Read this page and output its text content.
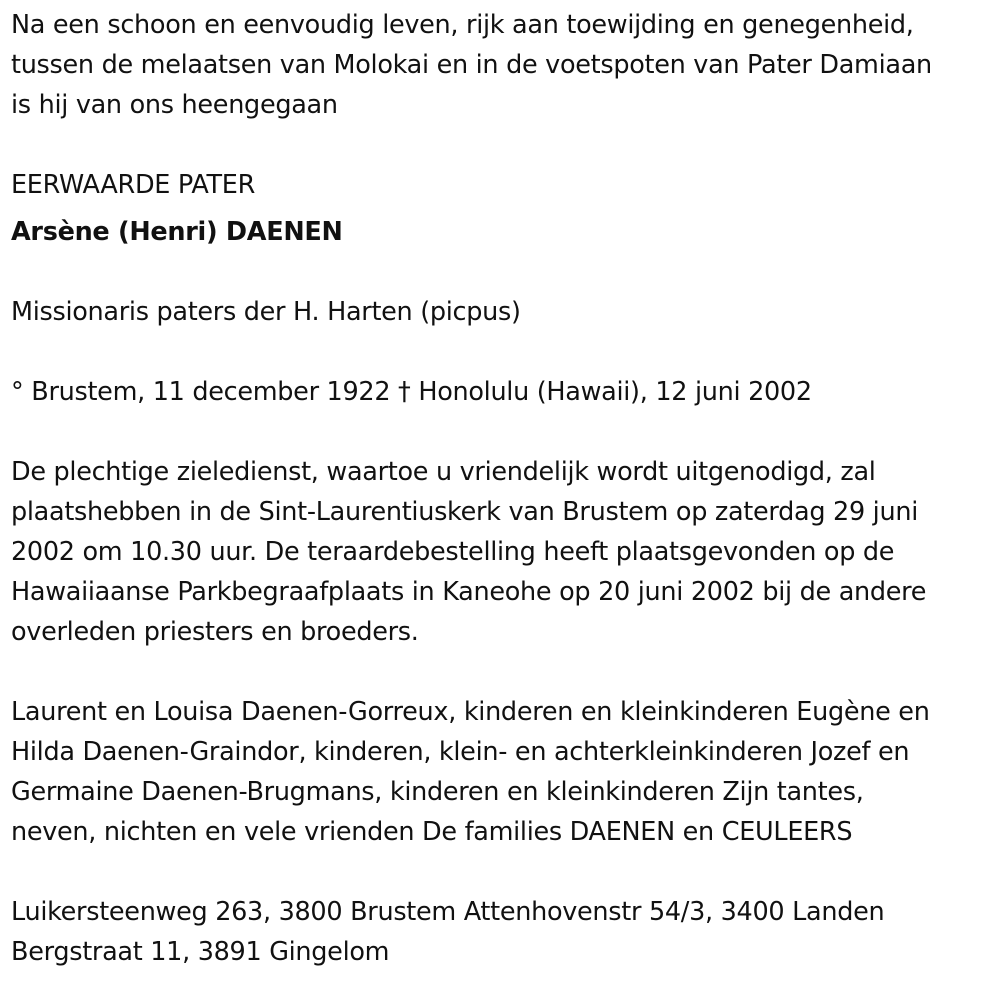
Na een schoon en eenvoudig leven, rijk aan toewijding en genegenheid,
tussen de melaatsen van Molokai en in de voetspoten van Pater Damiaan
is hij van ons heengegaan
EERWAARDE PATER
Arsène (Henri) DAENEN
Missionaris paters der H. Harten (picpus)
° Brustem, 11 december 1922 † Honolulu (Hawaii), 12 juni 2002
De plechtige zieledienst, waartoe u vriendelijk wordt uitgenodigd, zal
plaatshebben in de Sint-Laurentiuskerk van Brustem op zaterdag 29 juni
2002 om 10.30 uur. De teraardebestelling heeft plaatsgevonden op de
Hawaiiaanse Parkbegraafplaats in Kaneohe op 20 juni 2002 bij de andere
overleden priesters en broeders.
Laurent en Louisa Daenen-Gorreux, kinderen en kleinkinderen Eugène en
Hilda Daenen-Graindor, kinderen, klein- en achterkleinkinderen Jozef en
Germaine Daenen-Brugmans, kinderen en kleinkinderen Zijn tantes,
neven, nichten en vele vrienden De families DAENEN en CEULEERS
Luikersteenweg 263, 3800 Brustem Attenhovenstr 54/3, 3400 Landen
Bergstraat 11, 3891 Gingelom
